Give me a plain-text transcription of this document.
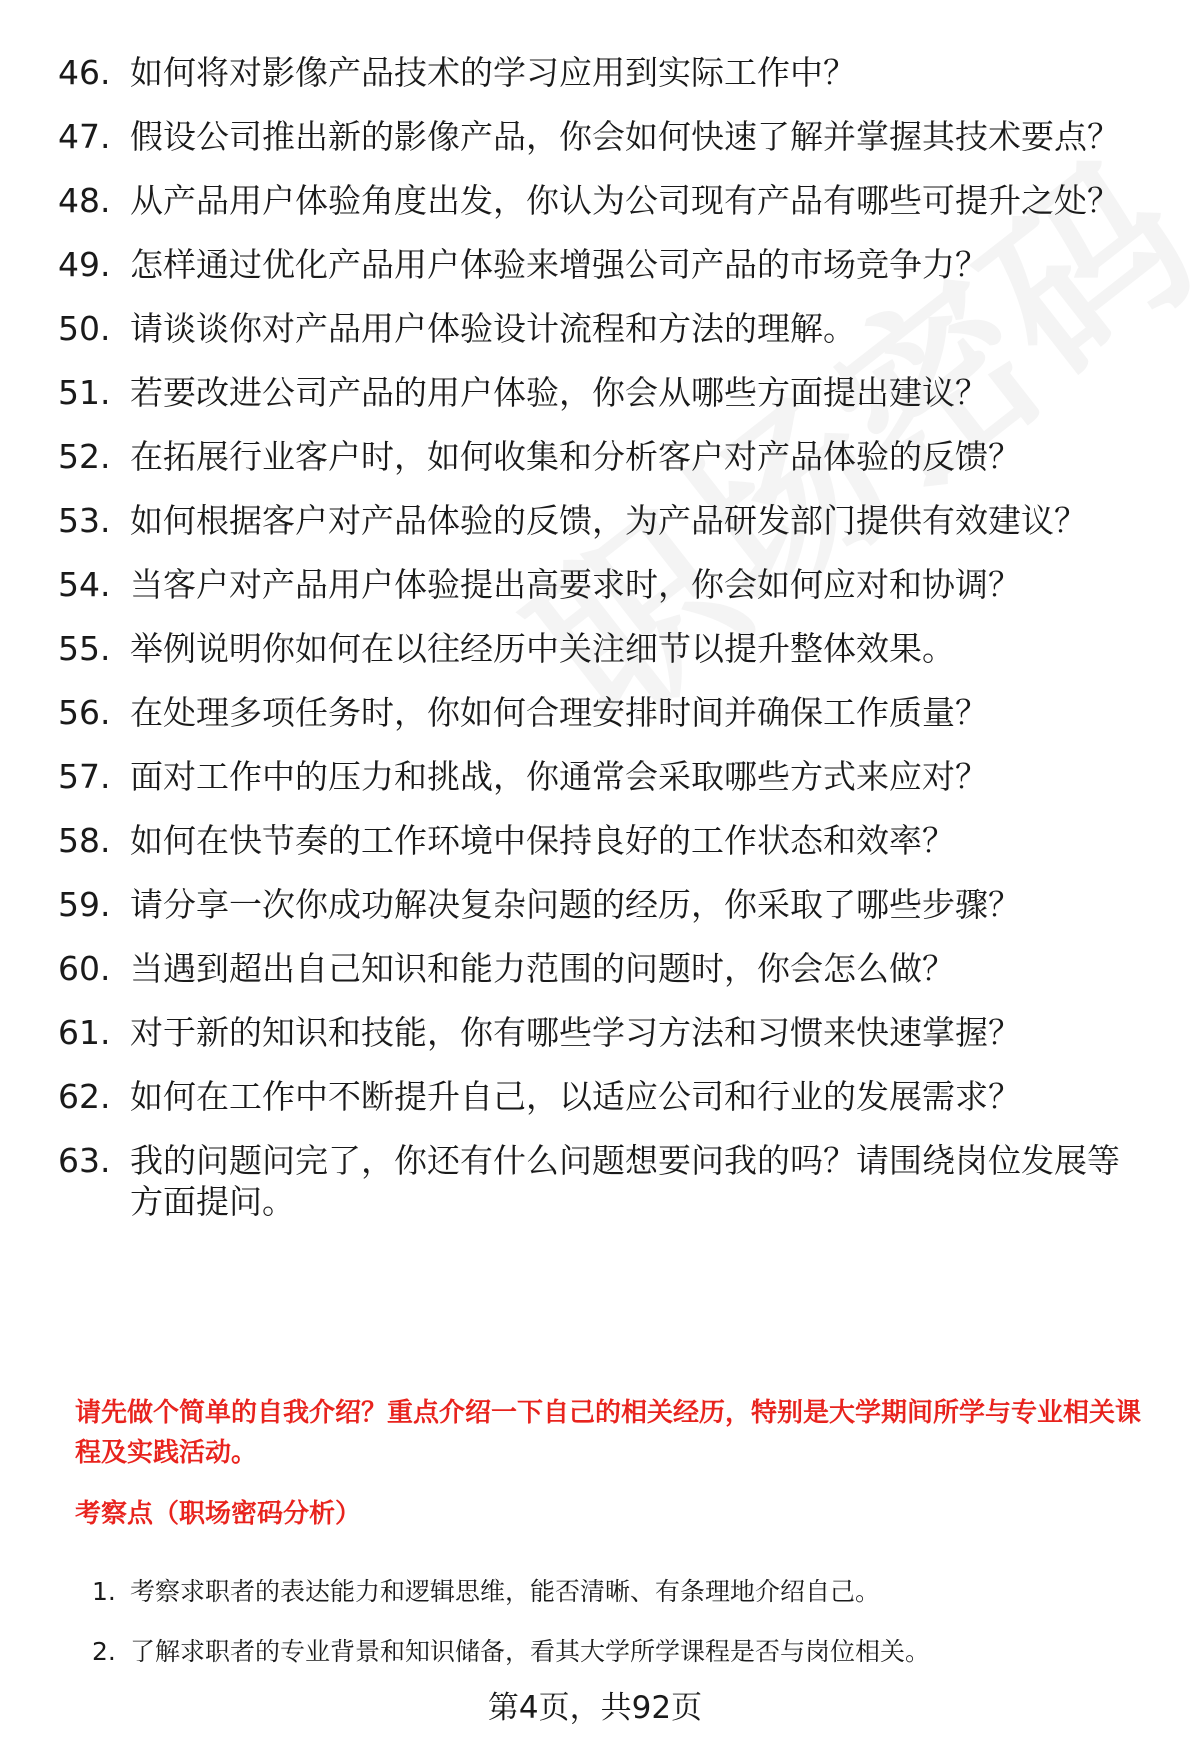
46. 如何将对影像产品技术的学习应用到实际工作中？
47. 假设公司推出新的影像产品，你会如何快速了解并掌握其技术要点？
48. 从产品用户体验角度出发，你认为公司现有产品有哪些可提升之处？
49. 怎样通过优化产品用户体验来增强公司产品的市场竞争力？
50. 请谈谈你对产品用户体验设计流程和方法的理解。
51. 若要改进公司产品的用户体验，你会从哪些方面提出建议？
52. 在拓展行业客户时，如何收集和分析客户对产品体验的反馈？
53. 如何根据客户对产品体验的反馈，为产品研发部门提供有效建议？
54. 当客户对产品用户体验提出高要求时，你会如何应对和协调？
55. 举例说明你如何在以往经历中关注细节以提升整体效果。
56. 在处理多项任务时，你如何合理安排时间并确保工作质量？
57. 面对工作中的压力和挑战，你通常会采取哪些方式来应对？
58. 如何在快节奏的工作环境中保持良好的工作状态和效率？
59. 请分享一次你成功解决复杂问题的经历，你采取了哪些步骤？
60. 当遇到超出自己知识和能力范围的问题时，你会怎么做？
61. 对于新的知识和技能，你有哪些学习方法和习惯来快速掌握？
62. 如何在工作中不断提升自己，以适应公司和行业的发展需求？
63. 我的问题问完了，你还有什么问题想要问我的吗？请围绕岗位发展等方面提问。
请先做个简单的自我介绍？重点介绍一下自己的相关经历，特别是大学期间所学与专业相关课程及实践活动。
考察点（职场密码分析）
1. 考察求职者的表达能力和逻辑思维，能否清晰、有条理地介绍自己。
2. 了解求职者的专业背景和知识储备，看其大学所学课程是否与岗位相关。
第4页，共92页
